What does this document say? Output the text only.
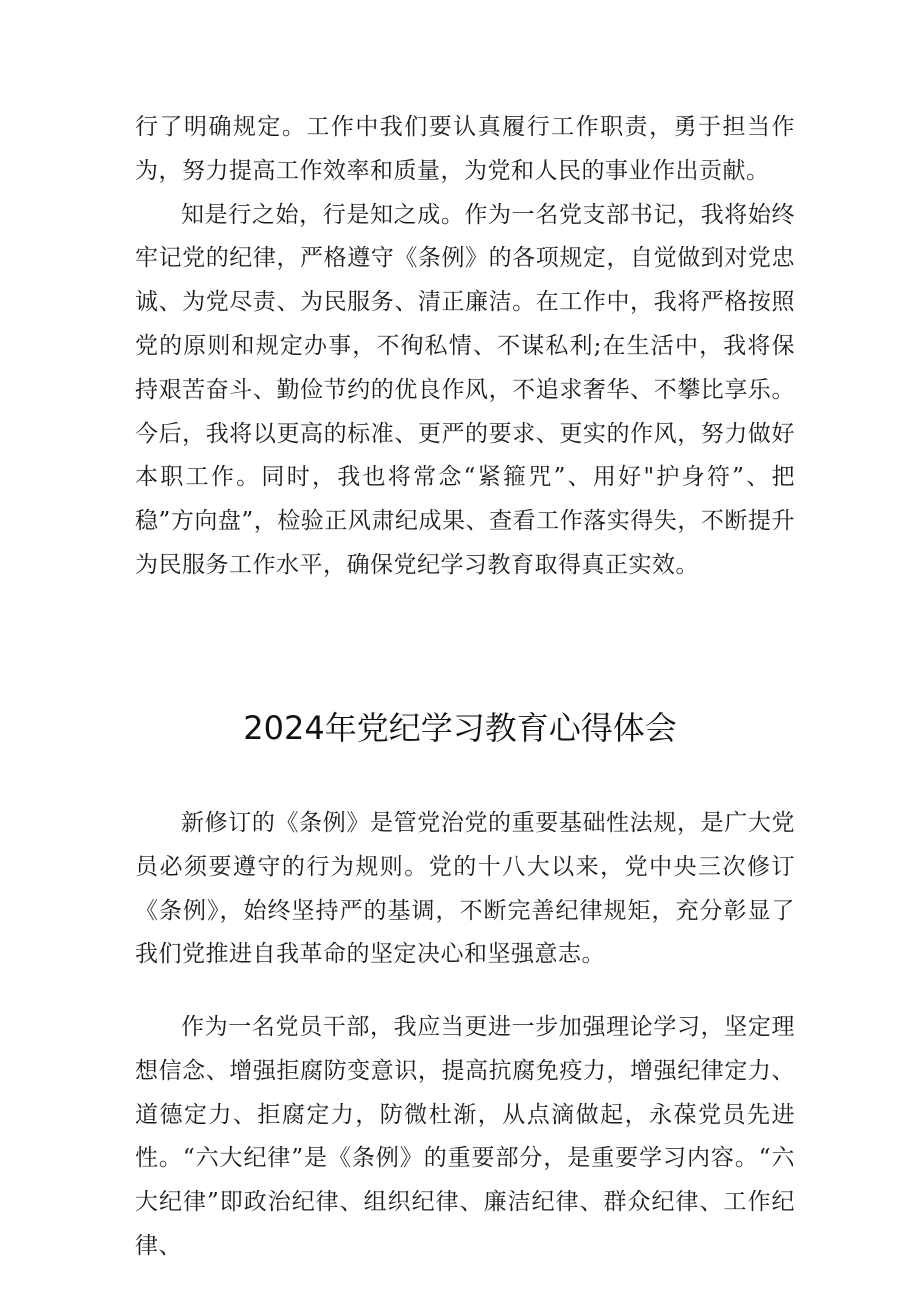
行了明确规定。工作中我们要认真履行工作职责，勇于担当作为，努力提高工作效率和质量，为党和人民的事业作出贡献。

知是行之始，行是知之成。作为一名党支部书记，我将始终牢记党的纪律，严格遵守《条例》的各项规定，自觉做到对党忠诚、为党尽责、为民服务、清正廉洁。在工作中，我将严格按照党的原则和规定办事，不徇私情、不谋私利;在生活中，我将保持艰苦奋斗、勤俭节约的优良作风，不追求奢华、不攀比享乐。今后，我将以更高的标准、更严的要求、更实的作风，努力做好本职工作。同时，我也将常念“紧箍咒”、用好"护身符”、把稳”方向盘”，检验正风肃纪成果、查看工作落实得失，不断提升为民服务工作水平，确保党纪学习教育取得真正实效。

2024年党纪学习教育心得体会

新修订的《条例》是管党治党的重要基础性法规，是广大党员必须要遵守的行为规则。党的十八大以来，党中央三次修订《条例》，始终坚持严的基调，不断完善纪律规矩，充分彰显了我们党推进自我革命的坚定决心和坚强意志。

作为一名党员干部，我应当更进一步加强理论学习，坚定理想信念、增强拒腐防变意识，提高抗腐免疫力，增强纪律定力、道德定力、拒腐定力，防微杜渐，从点滴做起，永葆党员先进性。“六大纪律”是《条例》的重要部分，是重要学习内容。“六大纪律”即政治纪律、组织纪律、廉洁纪律、群众纪律、工作纪律、
